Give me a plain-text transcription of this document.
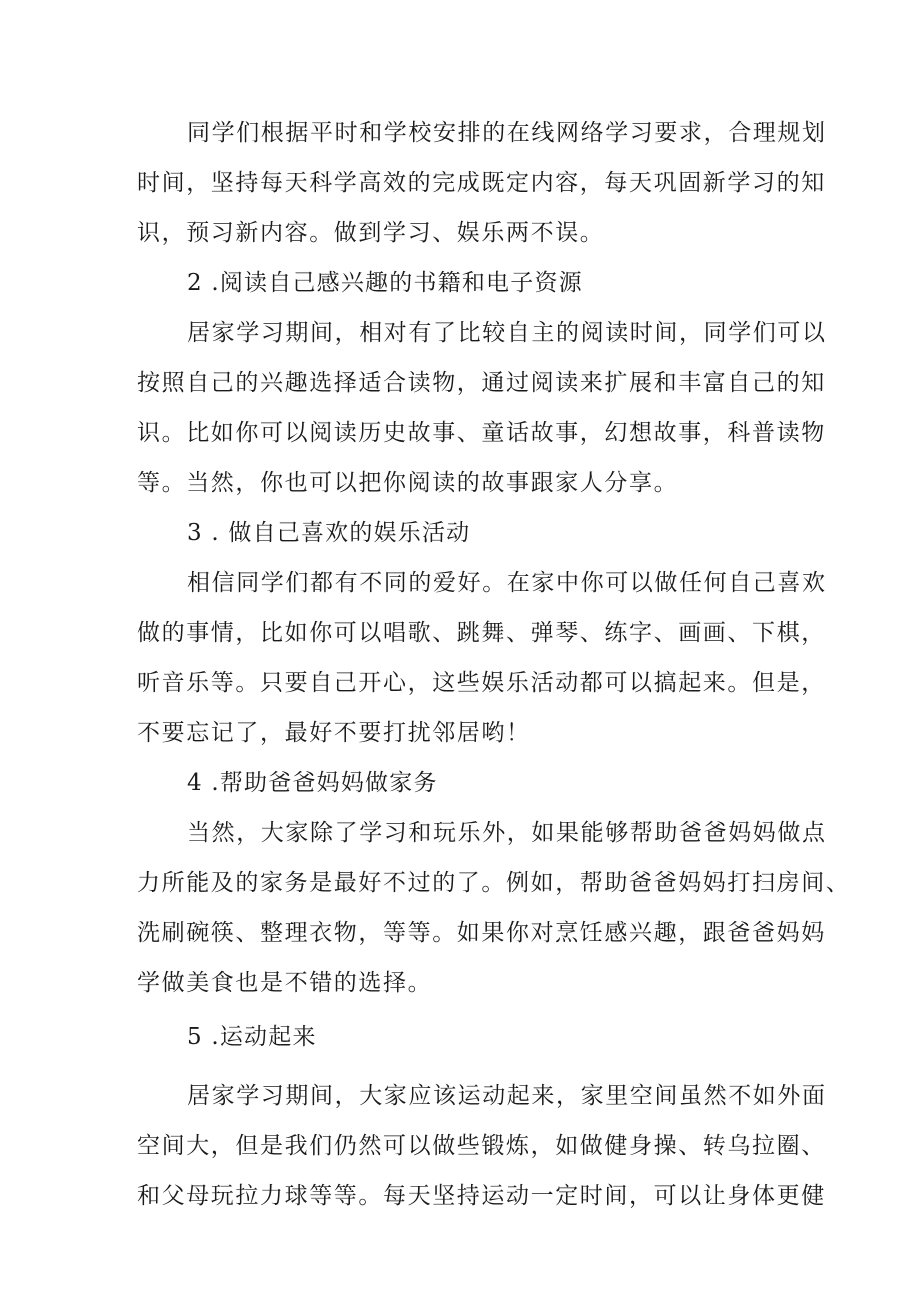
同学们根据平时和学校安排的在线网络学习要求，合理规划
时间，坚持每天科学高效的完成既定内容，每天巩固新学习的知
识，预习新内容。做到学习、娱乐两不误。
2 .阅读自己感兴趣的书籍和电子资源
居家学习期间，相对有了比较自主的阅读时间，同学们可以
按照自己的兴趣选择适合读物，通过阅读来扩展和丰富自己的知
识。比如你可以阅读历史故事、童话故事，幻想故事，科普读物
等。当然，你也可以把你阅读的故事跟家人分享。
3 . 做自己喜欢的娱乐活动
相信同学们都有不同的爱好。在家中你可以做任何自己喜欢
做的事情，比如你可以唱歌、跳舞、弹琴、练字、画画、下棋，
听音乐等。只要自己开心，这些娱乐活动都可以搞起来。但是，
不要忘记了，最好不要打扰邻居哟！
4 .帮助爸爸妈妈做家务
当然，大家除了学习和玩乐外，如果能够帮助爸爸妈妈做点
力所能及的家务是最好不过的了。例如，帮助爸爸妈妈打扫房间、
洗刷碗筷、整理衣物，等等。如果你对烹饪感兴趣，跟爸爸妈妈
学做美食也是不错的选择。
5 .运动起来
居家学习期间，大家应该运动起来，家里空间虽然不如外面
空间大，但是我们仍然可以做些锻炼，如做健身操、转乌拉圈、
和父母玩拉力球等等。每天坚持运动一定时间，可以让身体更健
